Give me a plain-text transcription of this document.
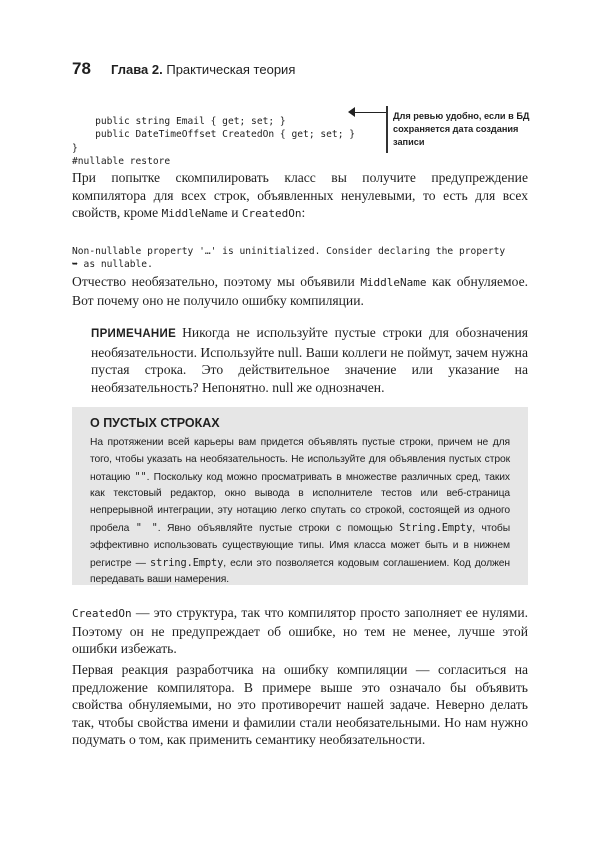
78 Глава 2. Практическая теория

public string Email { get; set; }
public DateTimeOffset CreatedOn { get; set; }
}
#nullable restore

Для ревью удобно, если в БД сохраняется дата создания записи
При попытке скомпилировать класс вы получите предупреждение компилятора для всех строк, объявленных ненулевыми, то есть для всех свойств, кроме MiddleName и CreatedOn:

Non-nullable property '…' is uninitialized. Consider declaring the property
➥ as nullable.

Отчество необязательно, поэтому мы объявили MiddleName как обнуляемое. Вот почему оно не получило ошибку компиляции.
ПРИМЕЧАНИЕ Никогда не используйте пустые строки для обозначения необязательности. Используйте null. Ваши коллеги не поймут, зачем нужна пустая строка. Это действительное значение или указание на необязательность? Непонятно. null же однозначен.
О ПУСТЫХ СТРОКАХ
На протяжении всей карьеры вам придется объявлять пустые строки, причем не для того, чтобы указать на необязательность. Не используйте для объявления пустых строк нотацию "". Поскольку код можно просматривать в множестве различных сред, таких как текстовый редактор, окно вывода в исполнителе тестов или веб-страница непрерывной интеграции, эту нотацию легко спутать со строкой, состоящей из одного пробела " ". Явно объявляйте пустые строки с помощью String.Empty, чтобы эффективно использовать существующие типы. Имя класса может быть и в нижнем регистре — string.Empty, если это позволяется кодовым соглашением. Код должен передавать ваши намерения.
CreatedOn — это структура, так что компилятор просто заполняет ее нулями. Поэтому он не предупреждает об ошибке, но тем не менее, лучше этой ошибки избежать.
Первая реакция разработчика на ошибку компиляции — согласиться на предложение компилятора. В примере выше это означало бы объявить свойства обнуляемыми, но это противоречит нашей задаче. Неверно делать так, чтобы свойства имени и фамилии стали необязательными. Но нам нужно подумать о том, как применить семантику необязательности.
